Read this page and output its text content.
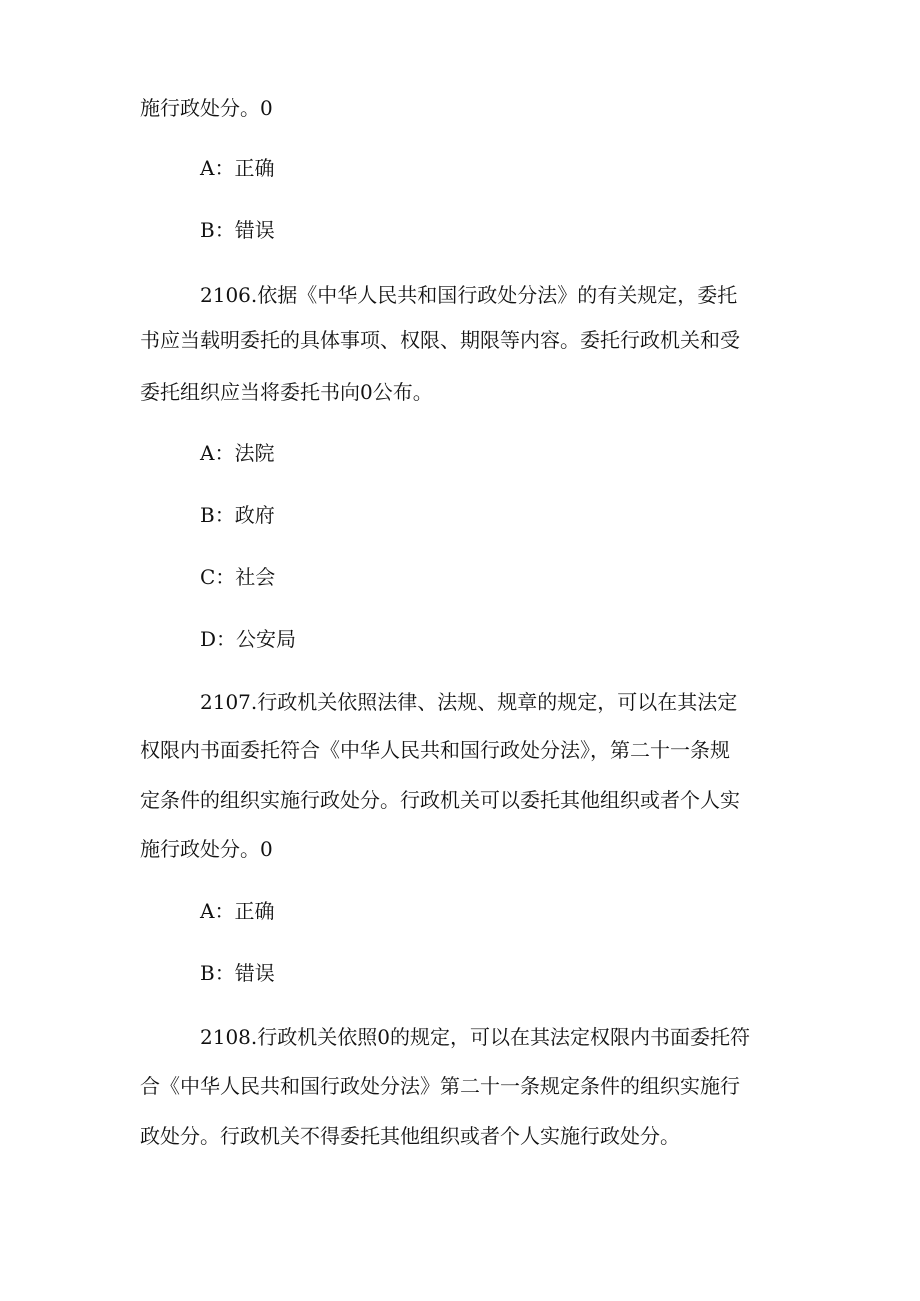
施行政处分。0

A：正确

B：错误

2106.依据《中华人民共和国行政处分法》的有关规定，委托

书应当载明委托的具体事项、权限、期限等内容。委托行政机关和受

委托组织应当将委托书向0公布。

A：法院

B：政府

C：社会

D：公安局

2107.行政机关依照法律、法规、规章的规定，可以在其法定

权限内书面委托符合《中华人民共和国行政处分法》，第二十一条规

定条件的组织实施行政处分。行政机关可以委托其他组织或者个人实

施行政处分。0

A：正确

B：错误

2108.行政机关依照0的规定，可以在其法定权限内书面委托符

合《中华人民共和国行政处分法》第二十一条规定条件的组织实施行

政处分。行政机关不得委托其他组织或者个人实施行政处分。
